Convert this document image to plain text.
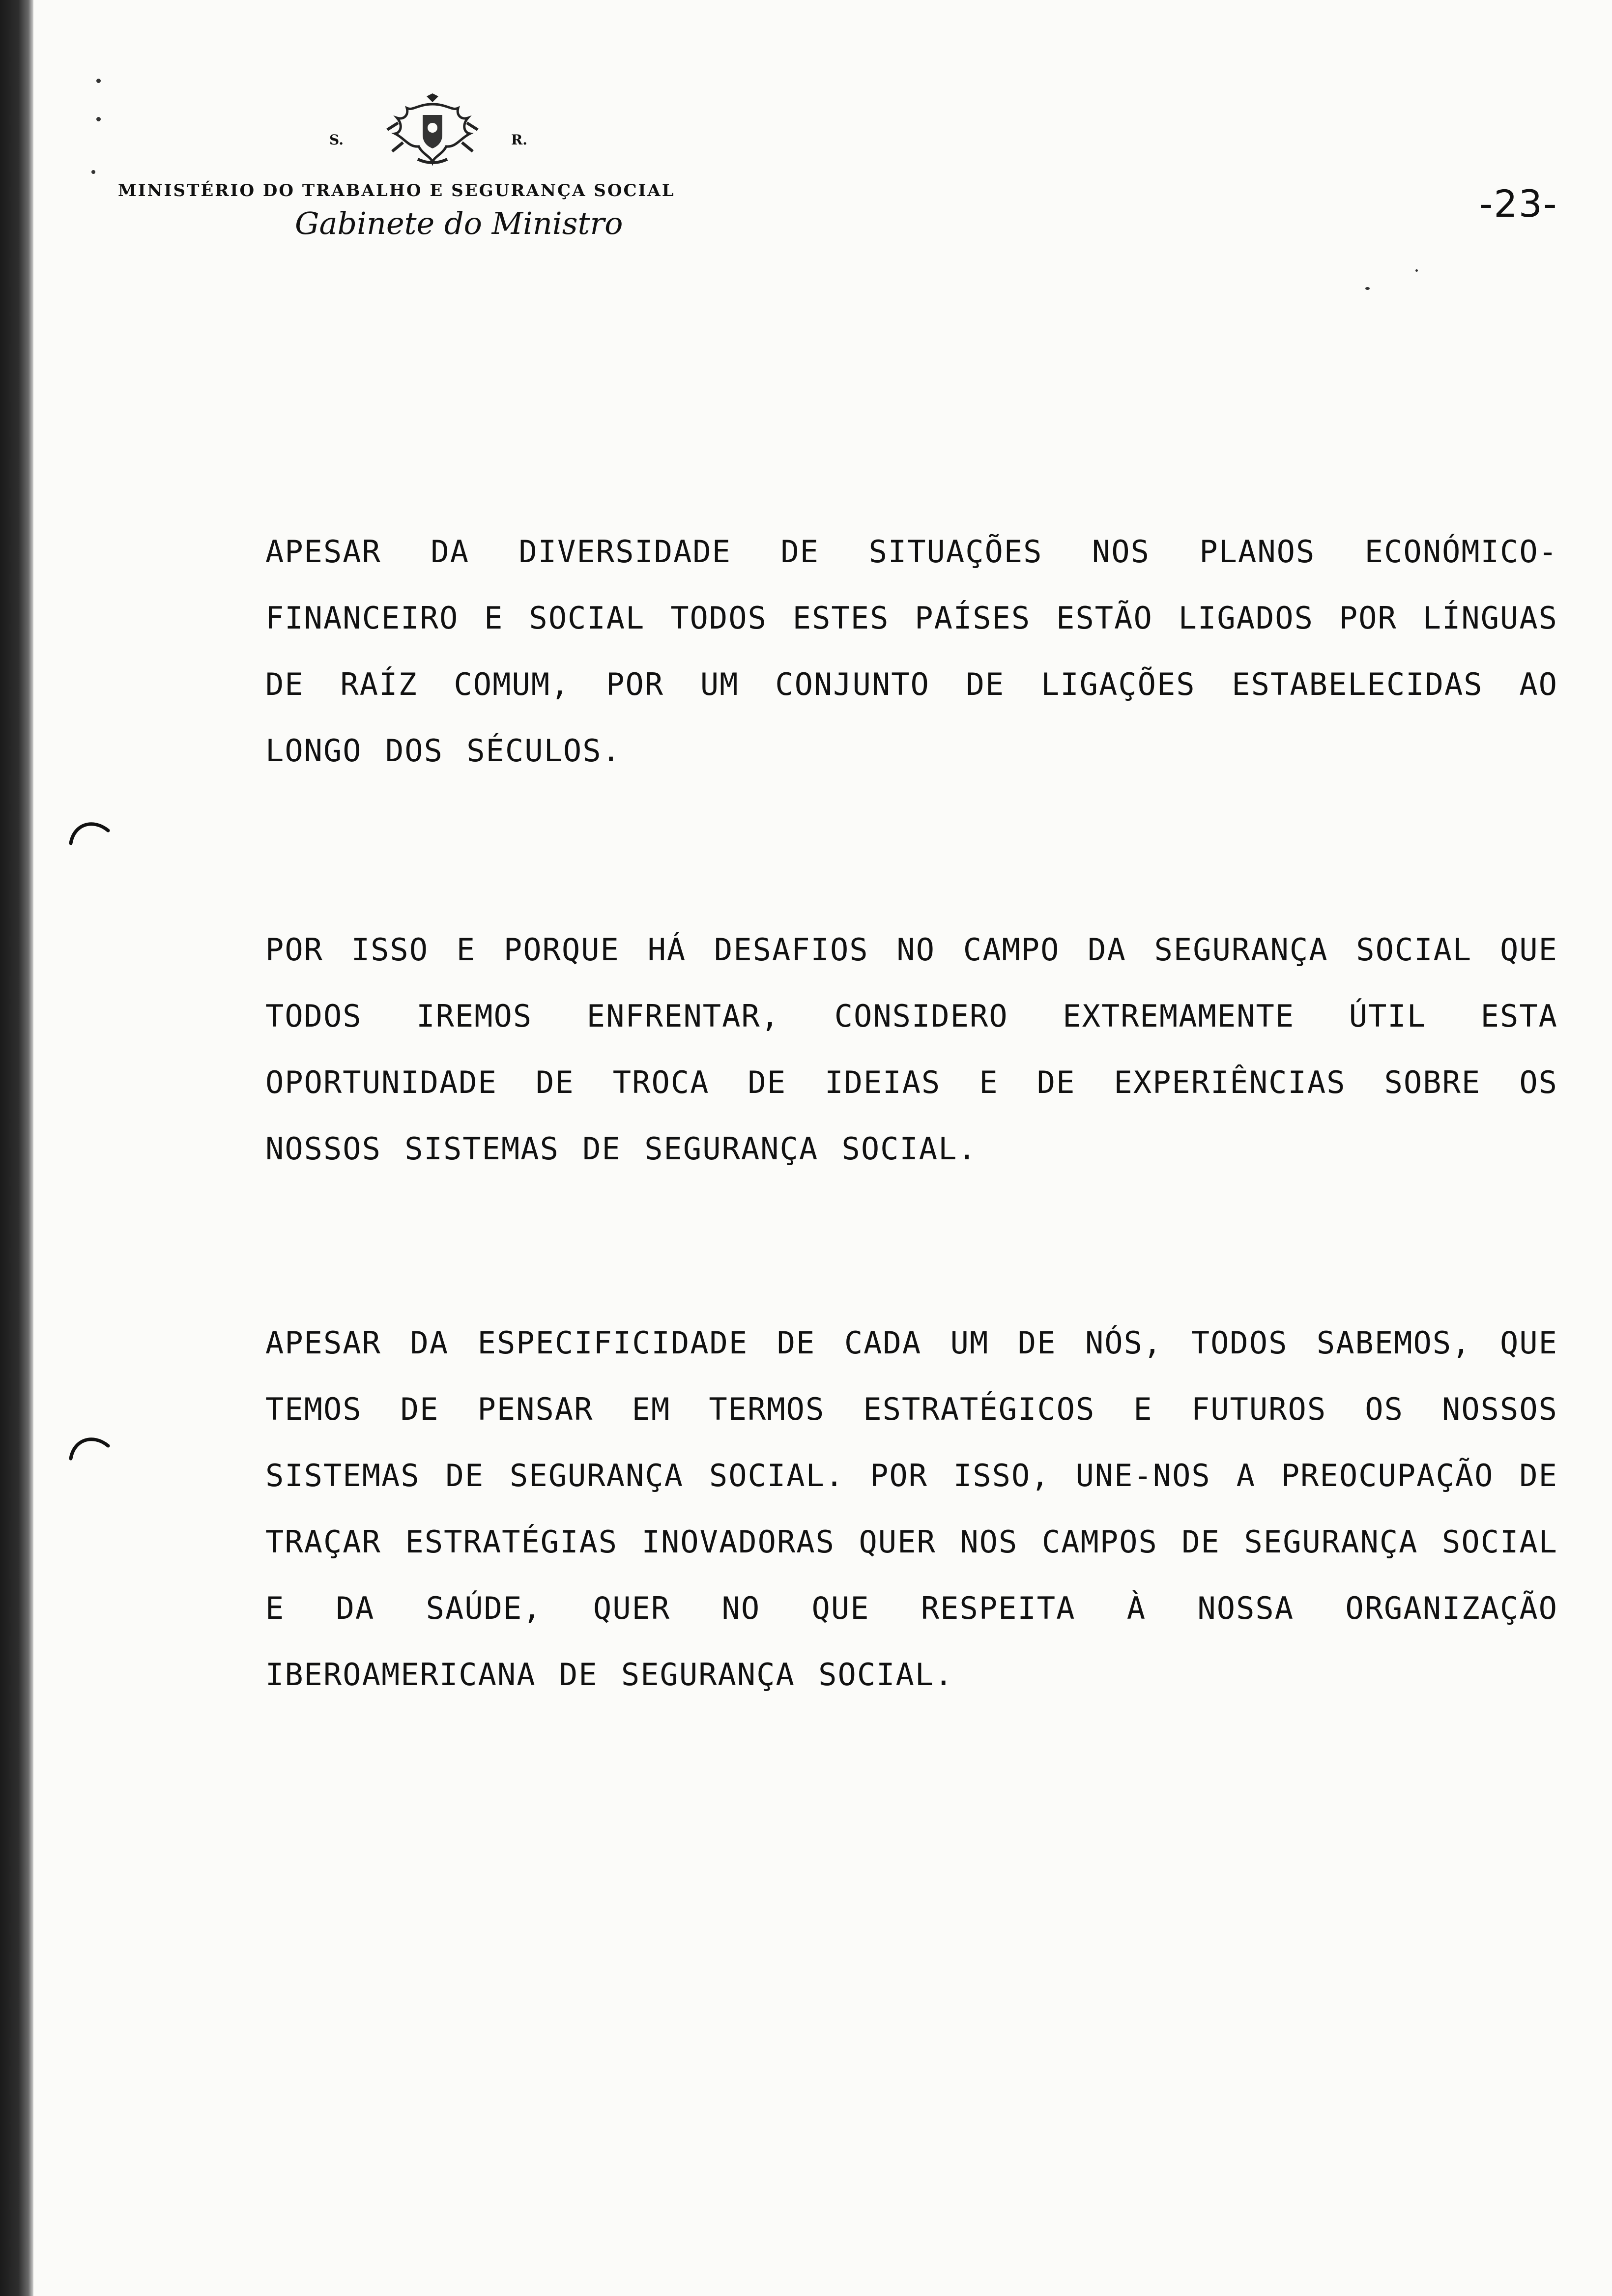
S.	R.
MINISTÉRIO DO TRABALHO E SEGURANÇA SOCIAL
Gabinete do Ministro	-23-

APESAR DA DIVERSIDADE DE SITUAÇÕES NOS PLANOS ECONÓMICO-FINANCEIRO E SOCIAL TODOS ESTES PAÍSES ESTÃO LIGADOS POR LÍNGUAS DE RAÍZ COMUM, POR UM CONJUNTO DE LIGAÇÕES ESTABELECIDAS AO LONGO DOS SÉCULOS.

POR ISSO E PORQUE HÁ DESAFIOS NO CAMPO DA SEGURANÇA SOCIAL QUE TODOS IREMOS ENFRENTAR, CONSIDERO EXTREMAMENTE ÚTIL ESTA OPORTUNIDADE DE TROCA DE IDEIAS E DE EXPERIÊNCIAS SOBRE OS NOSSOS SISTEMAS DE SEGURANÇA SOCIAL.

APESAR DA ESPECIFICIDADE DE CADA UM DE NÓS, TODOS SABEMOS, QUE TEMOS DE PENSAR EM TERMOS ESTRATÉGICOS E FUTUROS OS NOSSOS SISTEMAS DE SEGURANÇA SOCIAL. POR ISSO, UNE-NOS A PREOCUPAÇÃO DE TRAÇAR ESTRATÉGIAS INOVADORAS QUER NOS CAMPOS DE SEGURANÇA SOCIAL E DA SAÚDE, QUER NO QUE RESPEITA À NOSSA ORGANIZAÇÃO IBEROAMERICANA DE SEGURANÇA SOCIAL.
